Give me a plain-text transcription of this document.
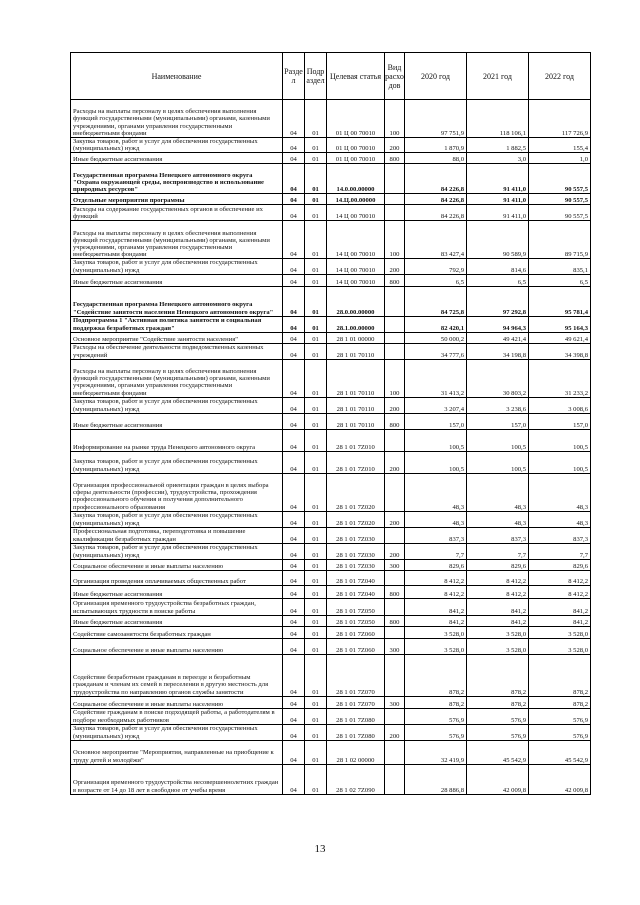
Наименование	Разде л	Подр аздел	Целевая статья	Вид расхо дов	2020 год	2021 год	2022 год
Расходы на выплаты персоналу в целях обеспечения выполнения функций государственными (муниципальными) органами, казенными учреждениями, органами управления государственными внебюджетными фондами	04	01	01 Ц 00 70010	100	97 751,9	118 106,1	117 726,9
Закупка товаров, работ и услуг для обеспечения государственных (муниципальных) нужд	04	01	01 Ц 00 70010	200	1 870,9	1 882,5	155,4
Иные бюджетные ассигнования	04	01	01 Ц 00 70010	800	88,0	3,0	1,0
Государственная программа Ненецкого автономного округа "Охрана окружающей среды, воспроизводство и использование природных ресурсов"	04	01	14.0.00.00000		84 226,8	91 411,0	90 557,5
Отдельные мероприятия программы	04	01	14.Ц.00.00000		84 226,8	91 411,0	90 557,5
Расходы на содержание государственных органов и обеспечение их функций	04	01	14 Ц 00 70010		84 226,8	91 411,0	90 557,5
Расходы на выплаты персоналу в целях обеспечения выполнения функций государственными (муниципальными) органами, казенными учреждениями, органами управления государственными внебюджетными фондами	04	01	14 Ц 00 70010	100	83 427,4	90 589,9	89 715,9
Закупка товаров, работ и услуг для обеспечения государственных (муниципальных) нужд	04	01	14 Ц 00 70010	200	792,9	814,6	835,1
Иные бюджетные ассигнования	04	01	14 Ц 00 70010	800	6,5	6,5	6,5
Государственная программа Ненецкого автономного округа "Содействие занятости населения Ненецкого автономного округа"	04	01	28.0.00.00000		84 725,8	97 292,8	95 781,4
Подпрограмма 1 "Активная политика занятости и социальная поддержка безработных граждан"	04	01	28.1.00.00000		82 420,1	94 964,3	95 164,3
Основное мероприятие "Содействие занятости населения"	04	01	28 1 01 00000		50 000,2	49 421,4	49 621,4
Расходы на обеспечение деятельности подведомственных казенных учреждений	04	01	28 1 01 70110		34 777,6	34 198,8	34 398,8
Расходы на выплаты персоналу в целях обеспечения выполнения функций государственными (муниципальными) органами, казенными учреждениями, органами управления государственными внебюджетными фондами	04	01	28 1 01 70110	100	31 413,2	30 803,2	31 233,2
Закупка товаров, работ и услуг для обеспечения государственных (муниципальных) нужд	04	01	28 1 01 70110	200	3 207,4	3 238,6	3 008,6
Иные бюджетные ассигнования	04	01	28 1 01 70110	800	157,0	157,0	157,0
Информирование на рынке труда Ненецкого автономного округа	04	01	28 1 01 7Z010		100,5	100,5	100,5
Закупка товаров, работ и услуг для обеспечения государственных (муниципальных) нужд	04	01	28 1 01 7Z010	200	100,5	100,5	100,5
Организация профессиональной ориентации граждан в целях выбора сферы деятельности (профессии), трудоустройства, прохождения профессионального обучения и получения дополнительного профессионального образования	04	01	28 1 01 7Z020		48,3	48,3	48,3
Закупка товаров, работ и услуг для обеспечения государственных (муниципальных) нужд	04	01	28 1 01 7Z020	200	48,3	48,3	48,3
Профессиональная подготовка, переподготовка и повышение квалификации безработных граждан	04	01	28 1 01 7Z030		837,3	837,3	837,3
Закупка товаров, работ и услуг для обеспечения государственных (муниципальных) нужд	04	01	28 1 01 7Z030	200	7,7	7,7	7,7
Социальное обеспечение и иные выплаты населению	04	01	28 1 01 7Z030	300	829,6	829,6	829,6
Организация проведения оплачиваемых общественных работ	04	01	28 1 01 7Z040		8 412,2	8 412,2	8 412,2
Иные бюджетные ассигнования	04	01	28 1 01 7Z040	800	8 412,2	8 412,2	8 412,2
Организация временного трудоустройства безработных граждан, испытывающих трудности в поиске работы	04	01	28 1 01 7Z050		841,2	841,2	841,2
Иные бюджетные ассигнования	04	01	28 1 01 7Z050	800	841,2	841,2	841,2
Содействие самозанятости безработных граждан	04	01	28 1 01 7Z060		3 528,0	3 528,0	3 528,0
Социальное обеспечение и иные выплаты населению	04	01	28 1 01 7Z060	300	3 528,0	3 528,0	3 528,0
Содействие безработным гражданам в переезде и безработным гражданам и членам их семей в переселении в другую местность для трудоустройства по направлению органов службы занятости	04	01	28 1 01 7Z070		878,2	878,2	878,2
Социальное обеспечение и иные выплаты населению	04	01	28 1 01 7Z070	300	878,2	878,2	878,2
Содействие гражданам в поиске подходящей работы, а работодателям в подборе необходимых работников	04	01	28 1 01 7Z080		576,9	576,9	576,9
Закупка товаров, работ и услуг для обеспечения государственных (муниципальных) нужд	04	01	28 1 01 7Z080	200	576,9	576,9	576,9
Основное мероприятие "Мероприятия, направленные на приобщение к труду детей и молодёжи"	04	01	28 1 02 00000		32 419,9	45 542,9	45 542,9
Организация временного трудоустройства несовершеннолетних граждан в возрасте от 14 до 18 лет в свободное от учебы время	04	01	28 1 02 7Z090		28 886,8	42 009,8	42 009,8
13
